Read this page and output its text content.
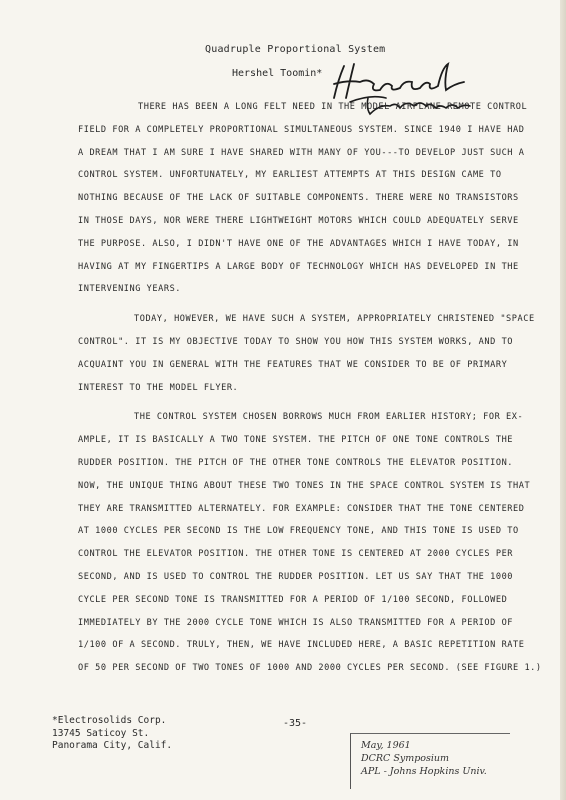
Quadruple Proportional System
Hershel Toomin*
THERE HAS BEEN A LONG FELT NEED IN THE MODEL AIRPLANE REMOTE CONTROL
FIELD FOR A COMPLETELY PROPORTIONAL SIMULTANEOUS SYSTEM. SINCE 1940 I HAVE HAD
A DREAM THAT I AM SURE I HAVE SHARED WITH MANY OF YOU---TO DEVELOP JUST SUCH A
CONTROL SYSTEM. UNFORTUNATELY, MY EARLIEST ATTEMPTS AT THIS DESIGN CAME TO
NOTHING BECAUSE OF THE LACK OF SUITABLE COMPONENTS. THERE WERE NO TRANSISTORS
IN THOSE DAYS, NOR WERE THERE LIGHTWEIGHT MOTORS WHICH COULD ADEQUATELY SERVE
THE PURPOSE. ALSO, I DIDN'T HAVE ONE OF THE ADVANTAGES WHICH I HAVE TODAY, IN
HAVING AT MY FINGERTIPS A LARGE BODY OF TECHNOLOGY WHICH HAS DEVELOPED IN THE
INTERVENING YEARS.
TODAY, HOWEVER, WE HAVE SUCH A SYSTEM, APPROPRIATELY CHRISTENED "SPACE
CONTROL". IT IS MY OBJECTIVE TODAY TO SHOW YOU HOW THIS SYSTEM WORKS, AND TO
ACQUAINT YOU IN GENERAL WITH THE FEATURES THAT WE CONSIDER TO BE OF PRIMARY
INTEREST TO THE MODEL FLYER.
THE CONTROL SYSTEM CHOSEN BORROWS MUCH FROM EARLIER HISTORY; FOR EX-
AMPLE, IT IS BASICALLY A TWO TONE SYSTEM. THE PITCH OF ONE TONE CONTROLS THE
RUDDER POSITION. THE PITCH OF THE OTHER TONE CONTROLS THE ELEVATOR POSITION.
NOW, THE UNIQUE THING ABOUT THESE TWO TONES IN THE SPACE CONTROL SYSTEM IS THAT
THEY ARE TRANSMITTED ALTERNATELY. FOR EXAMPLE: CONSIDER THAT THE TONE CENTERED
AT 1000 CYCLES PER SECOND IS THE LOW FREQUENCY TONE, AND THIS TONE IS USED TO
CONTROL THE ELEVATOR POSITION. THE OTHER TONE IS CENTERED AT 2000 CYCLES PER
SECOND, AND IS USED TO CONTROL THE RUDDER POSITION. LET US SAY THAT THE 1000
CYCLE PER SECOND TONE IS TRANSMITTED FOR A PERIOD OF 1/100 SECOND, FOLLOWED
IMMEDIATELY BY THE 2000 CYCLE TONE WHICH IS ALSO TRANSMITTED FOR A PERIOD OF
1/100 OF A SECOND. TRULY, THEN, WE HAVE INCLUDED HERE, A BASIC REPETITION RATE
OF 50 PER SECOND OF TWO TONES OF 1000 AND 2000 CYCLES PER SECOND. (SEE FIGURE 1.)
*Electrosolids Corp.
13745 Saticoy St.
Panorama City, Calif.
-35-
May, 1961
DCRC Symposium
APL - Johns Hopkins Univ.
